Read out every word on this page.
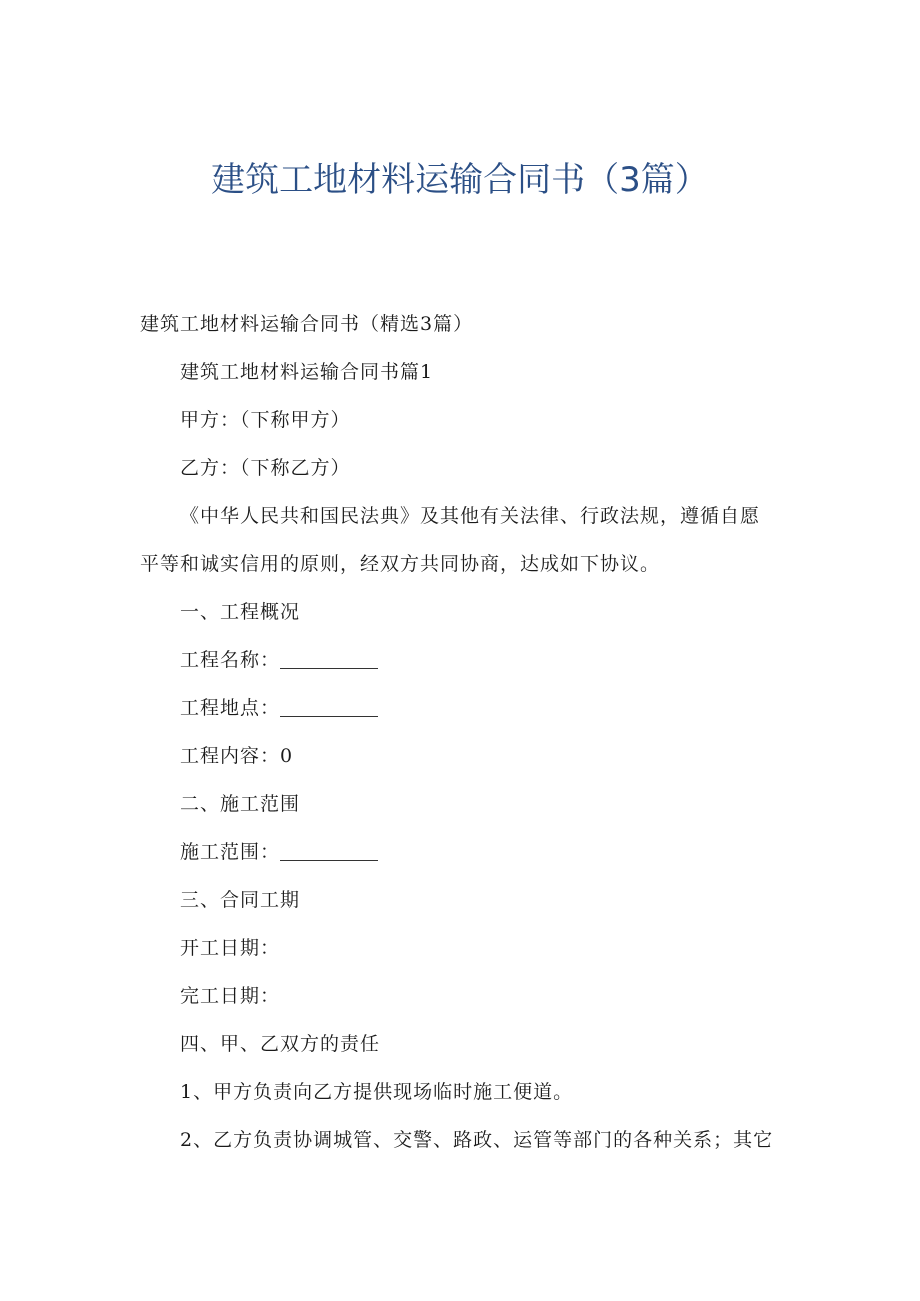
建筑工地材料运输合同书（3篇）
建筑工地材料运输合同书（精选3篇）
建筑工地材料运输合同书篇1
甲方：（下称甲方）
乙方：（下称乙方）
《中华人民共和国民法典》及其他有关法律、行政法规，遵循自愿
平等和诚实信用的原则，经双方共同协商，达成如下协议。
一、工程概况
工程名称：
工程地点：
工程内容：0
二、施工范围
施工范围：
三、合同工期
开工日期：
完工日期：
四、甲、乙双方的责任
1、甲方负责向乙方提供现场临时施工便道。
2、乙方负责协调城管、交警、路政、运管等部门的各种关系；其它
